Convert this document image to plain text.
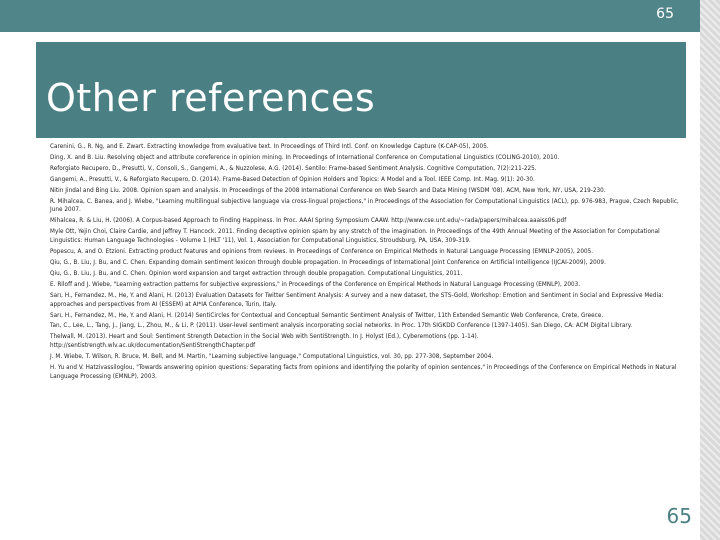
65
Other references
Carenini, G., R. Ng, and E. Zwart. Extracting knowledge from evaluative text. In Proceedings of Third Intl. Conf. on Knowledge Capture (K-CAP-05), 2005.
Ding, X. and B. Liu. Resolving object and attribute coreference in opinion mining. In Proceedings of International Conference on Computational Linguistics (COLING-2010), 2010.
Reforgiato Recupero, D., Presutti, V., Consoli, S., Gangemi, A., & Nuzzolese, A.G. (2014). Sentilo: Frame-based Sentiment Analysis. Cognitive Computation, 7(2):211-225.
Gangemi, A., Presutti, V., & Reforgiato Recupero, D. (2014). Frame-Based Detection of Opinion Holders and Topics: A Model and a Tool. IEEE Comp. Int. Mag. 9(1): 20-30.
Nitin Jindal and Bing Liu. 2008. Opinion spam and analysis. In Proceedings of the 2008 International Conference on Web Search and Data Mining (WSDM '08). ACM, New York, NY, USA, 219-230.
R. Mihalcea, C. Banea, and J. Wiebe, "Learning multilingual subjective language via cross-lingual projections," in Proceedings of the Association for Computational Linguistics (ACL), pp. 976-983, Prague, Czech Republic, June 2007.
Mihalcea, R. & Liu, H. (2006). A Corpus-based Approach to Finding Happiness. In Proc. AAAI Spring Symposium CAAW. http://www.cse.unt.edu/~rada/papers/mihalcea.aaaiss06.pdf
Myle Ott, Yejin Choi, Claire Cardie, and Jeffrey T. Hancock. 2011. Finding deceptive opinion spam by any stretch of the imagination. In Proceedings of the 49th Annual Meeting of the Association for Computational Linguistics: Human Language Technologies - Volume 1 (HLT '11), Vol. 1. Association for Computational Linguistics, Stroudsburg, PA, USA, 309-319.
Popescu, A. and O. Etzioni. Extracting product features and opinions from reviews. In Proceedings of Conference on Empirical Methods in Natural Language Processing (EMNLP-2005), 2005.
Qiu, G., B. Liu, J. Bu, and C. Chen. Expanding domain sentiment lexicon through double propagation. In Proceedings of International Joint Conference on Artificial Intelligence (IJCAI-2009), 2009.
Qiu, G., B. Liu, J. Bu, and C. Chen. Opinion word expansion and target extraction through double propagation. Computational Linguistics, 2011.
E. Riloff and J. Wiebe, "Learning extraction patterns for subjective expressions," in Proceedings of the Conference on Empirical Methods in Natural Language Processing (EMNLP), 2003.
Sarı, H., Fernandez, M., He, Y. and Alani, H. (2013) Evaluation Datasets for Twitter Sentiment Analysis: A survey and a new dataset, the STS-Gold, Workshop: Emotion and Sentiment in Social and Expressive Media: approaches and perspectives from AI (ESSEM) at AI*IA Conference, Turin, Italy.
Sarı, H., Fernandez, M., He, Y. and Alani, H. (2014) SentiCircles for Contextual and Conceptual Semantic Sentiment Analysis of Twitter, 11th Extended Semantic Web Conference, Crete, Greece.
Tan, C., Lee, L., Tang, J., Jiang, L., Zhou, M., & Li, P. (2011). User-level sentiment analysis incorporating social networks. In Proc. 17th SIGKDD Conference (1397-1405). San Diego, CA: ACM Digital Library.
Thelwall, M. (2013). Heart and Soul: Sentiment Strength Detection in the Social Web with SentiStrength. In J. Holyst (Ed.), Cyberemotions (pp. 1-14). http://sentistrength.wlv.ac.uk/documentation/SentiStrengthChapter.pdf
J. M. Wiebe, T. Wilson, R. Bruce, M. Bell, and M. Martin, "Learning subjective language," Computational Linguistics, vol. 30, pp. 277-308, September 2004.
H. Yu and V. Hatzivassiloglou, "Towards answering opinion questions: Separating facts from opinions and identifying the polarity of opinion sentences," in Proceedings of the Conference on Empirical Methods in Natural Language Processing (EMNLP), 2003.
65
